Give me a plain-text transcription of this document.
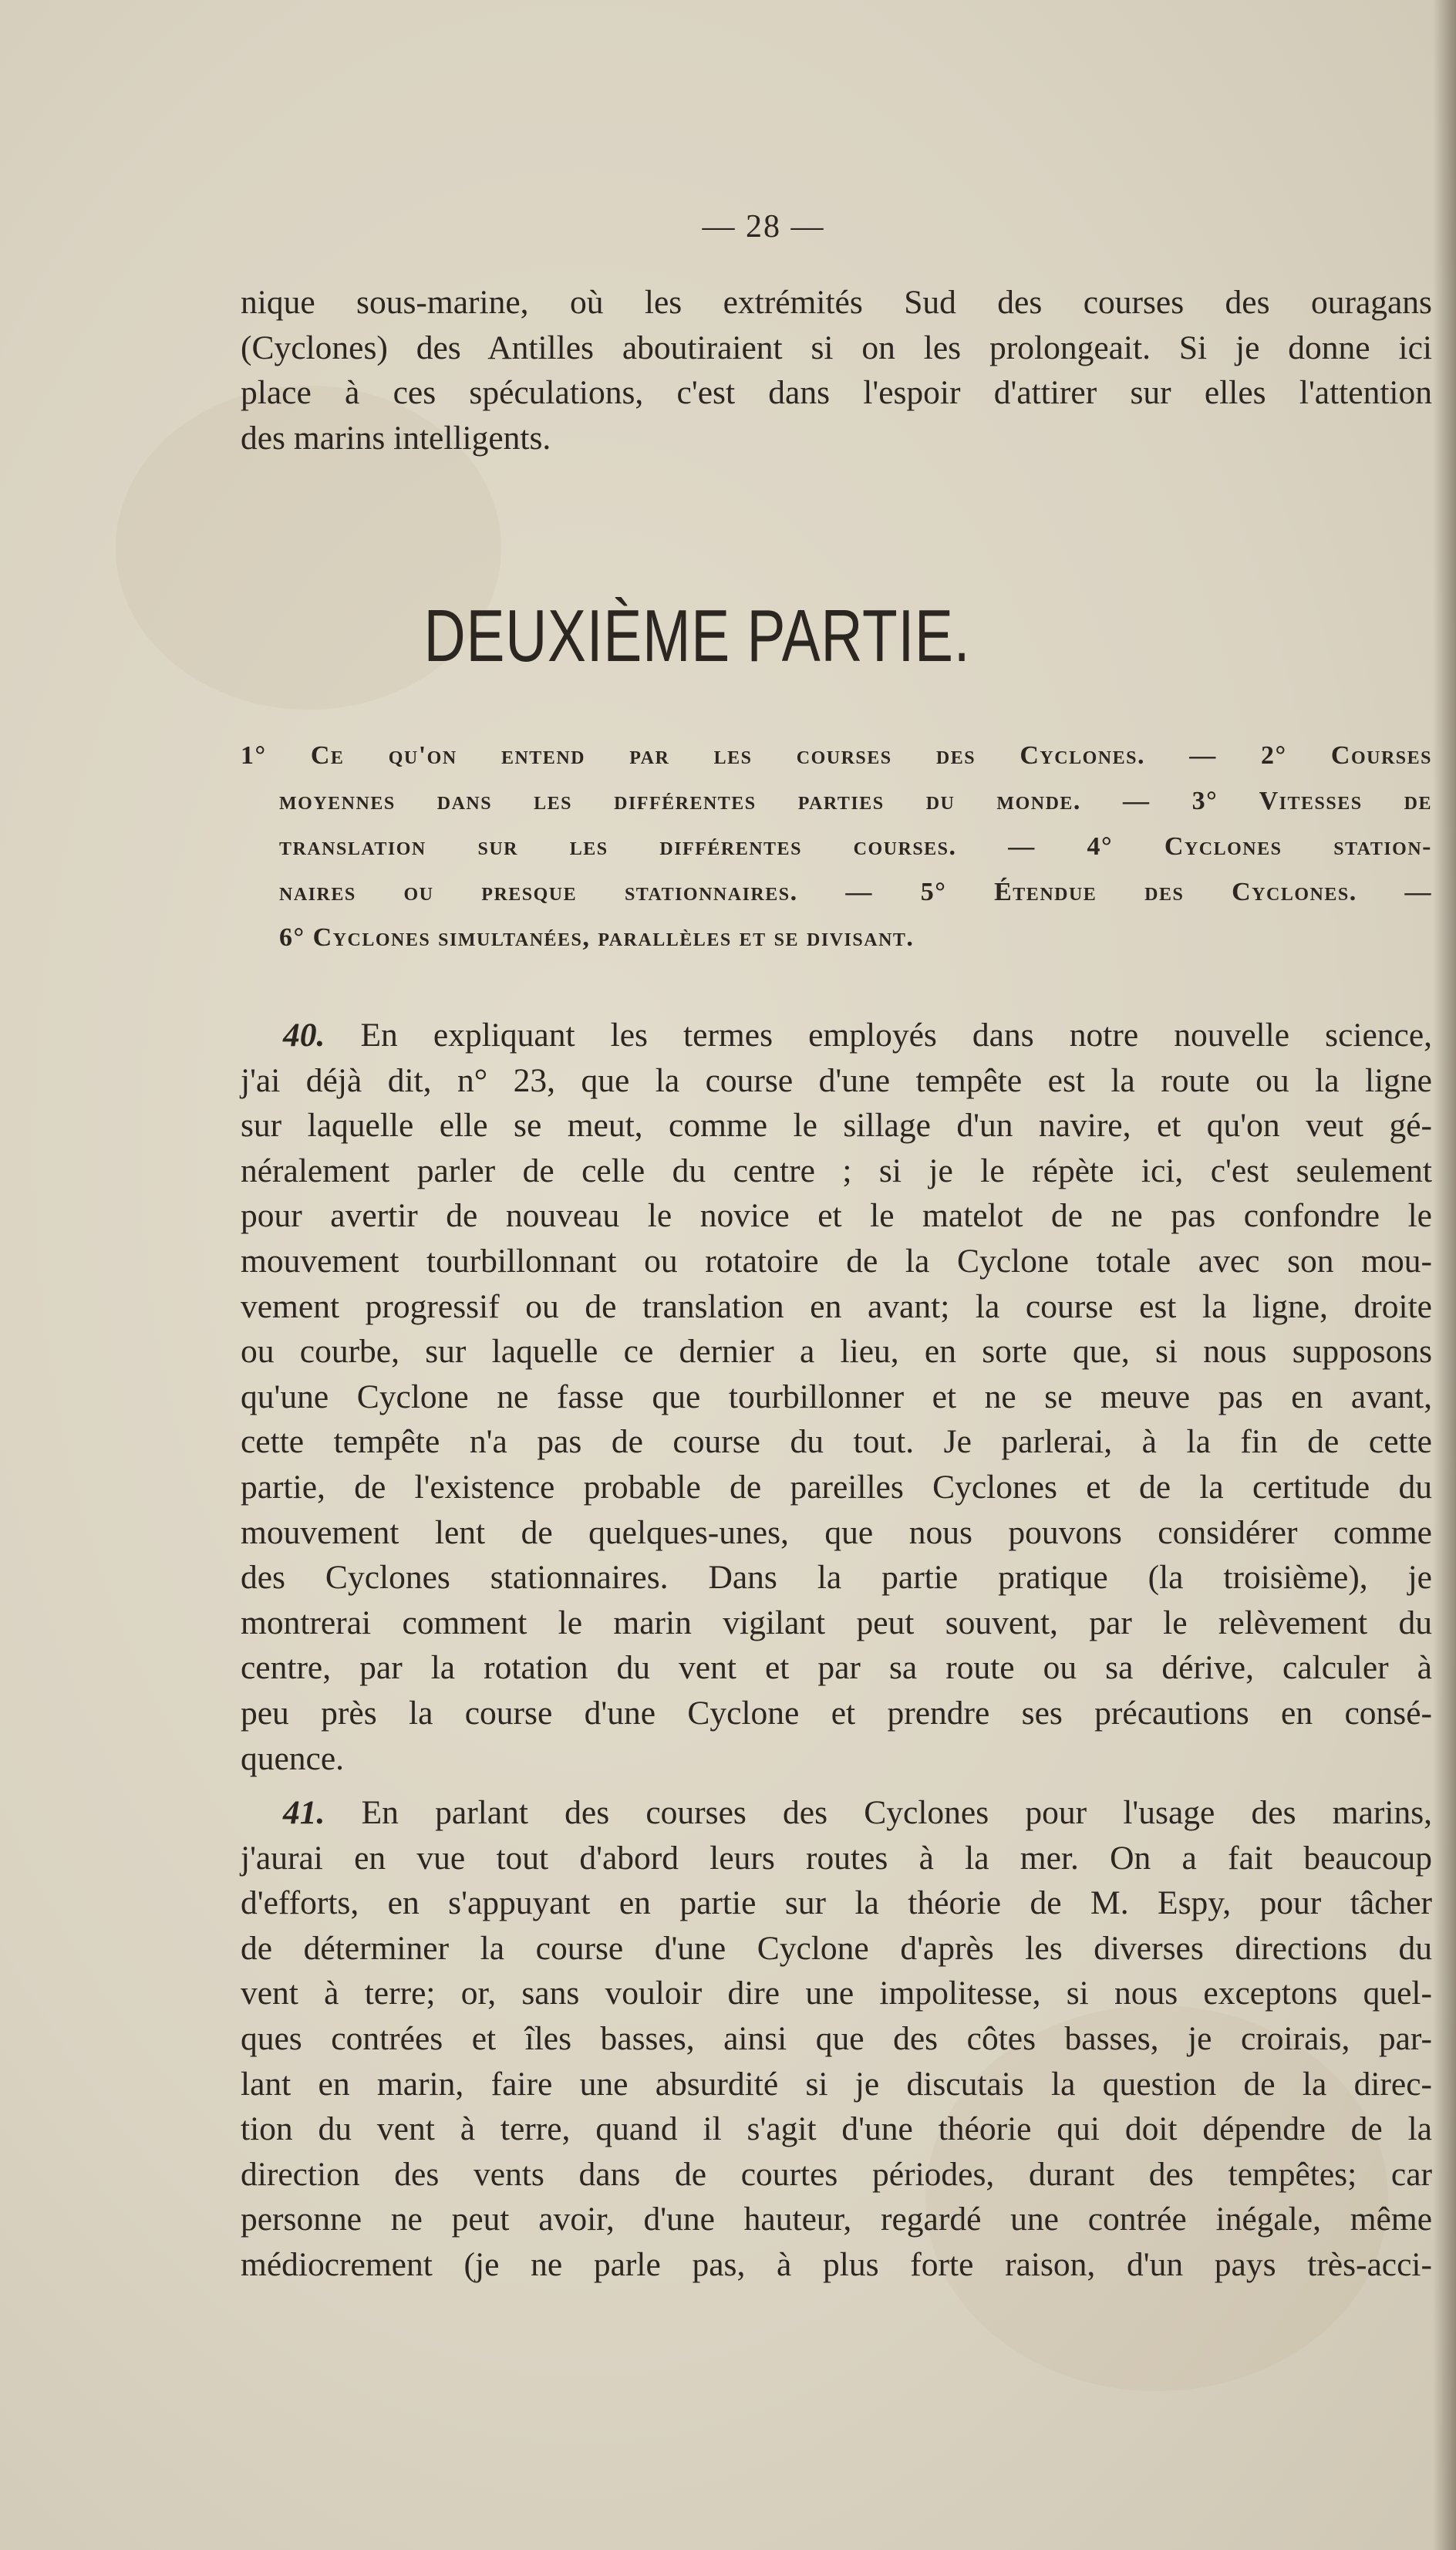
— 28 —
nique sous-marine, où les extrémités Sud des courses des ouragans
(Cyclones) des Antilles aboutiraient si on les prolongeait. Si je donne ici
place à ces spéculations, c'est dans l'espoir d'attirer sur elles l'attention
des marins intelligents.
DEUXIÈME PARTIE.
1° Ce qu'on entend par les courses des Cyclones. — 2° Courses
moyennes dans les différentes parties du monde. — 3° Vitesses de
translation sur les différentes courses. — 4° Cyclones station-
naires ou presque stationnaires. — 5° Étendue des Cyclones. —
6° Cyclones simultanées, parallèles et se divisant.
40. En expliquant les termes employés dans notre nouvelle science,
j'ai déjà dit, n° 23, que la course d'une tempête est la route ou la ligne
sur laquelle elle se meut, comme le sillage d'un navire, et qu'on veut gé-
néralement parler de celle du centre ; si je le répète ici, c'est seulement
pour avertir de nouveau le novice et le matelot de ne pas confondre le
mouvement tourbillonnant ou rotatoire de la Cyclone totale avec son mou-
vement progressif ou de translation en avant; la course est la ligne, droite
ou courbe, sur laquelle ce dernier a lieu, en sorte que, si nous supposons
qu'une Cyclone ne fasse que tourbillonner et ne se meuve pas en avant,
cette tempête n'a pas de course du tout. Je parlerai, à la fin de cette
partie, de l'existence probable de pareilles Cyclones et de la certitude du
mouvement lent de quelques-unes, que nous pouvons considérer comme
des Cyclones stationnaires. Dans la partie pratique (la troisième), je
montrerai comment le marin vigilant peut souvent, par le relèvement du
centre, par la rotation du vent et par sa route ou sa dérive, calculer à
peu près la course d'une Cyclone et prendre ses précautions en consé-
quence.
41. En parlant des courses des Cyclones pour l'usage des marins,
j'aurai en vue tout d'abord leurs routes à la mer. On a fait beaucoup
d'efforts, en s'appuyant en partie sur la théorie de M. Espy, pour tâcher
de déterminer la course d'une Cyclone d'après les diverses directions du
vent à terre; or, sans vouloir dire une impolitesse, si nous exceptons quel-
ques contrées et îles basses, ainsi que des côtes basses, je croirais, par-
lant en marin, faire une absurdité si je discutais la question de la direc-
tion du vent à terre, quand il s'agit d'une théorie qui doit dépendre de la
direction des vents dans de courtes périodes, durant des tempêtes; car
personne ne peut avoir, d'une hauteur, regardé une contrée inégale, même
médiocrement (je ne parle pas, à plus forte raison, d'un pays très-acci-
